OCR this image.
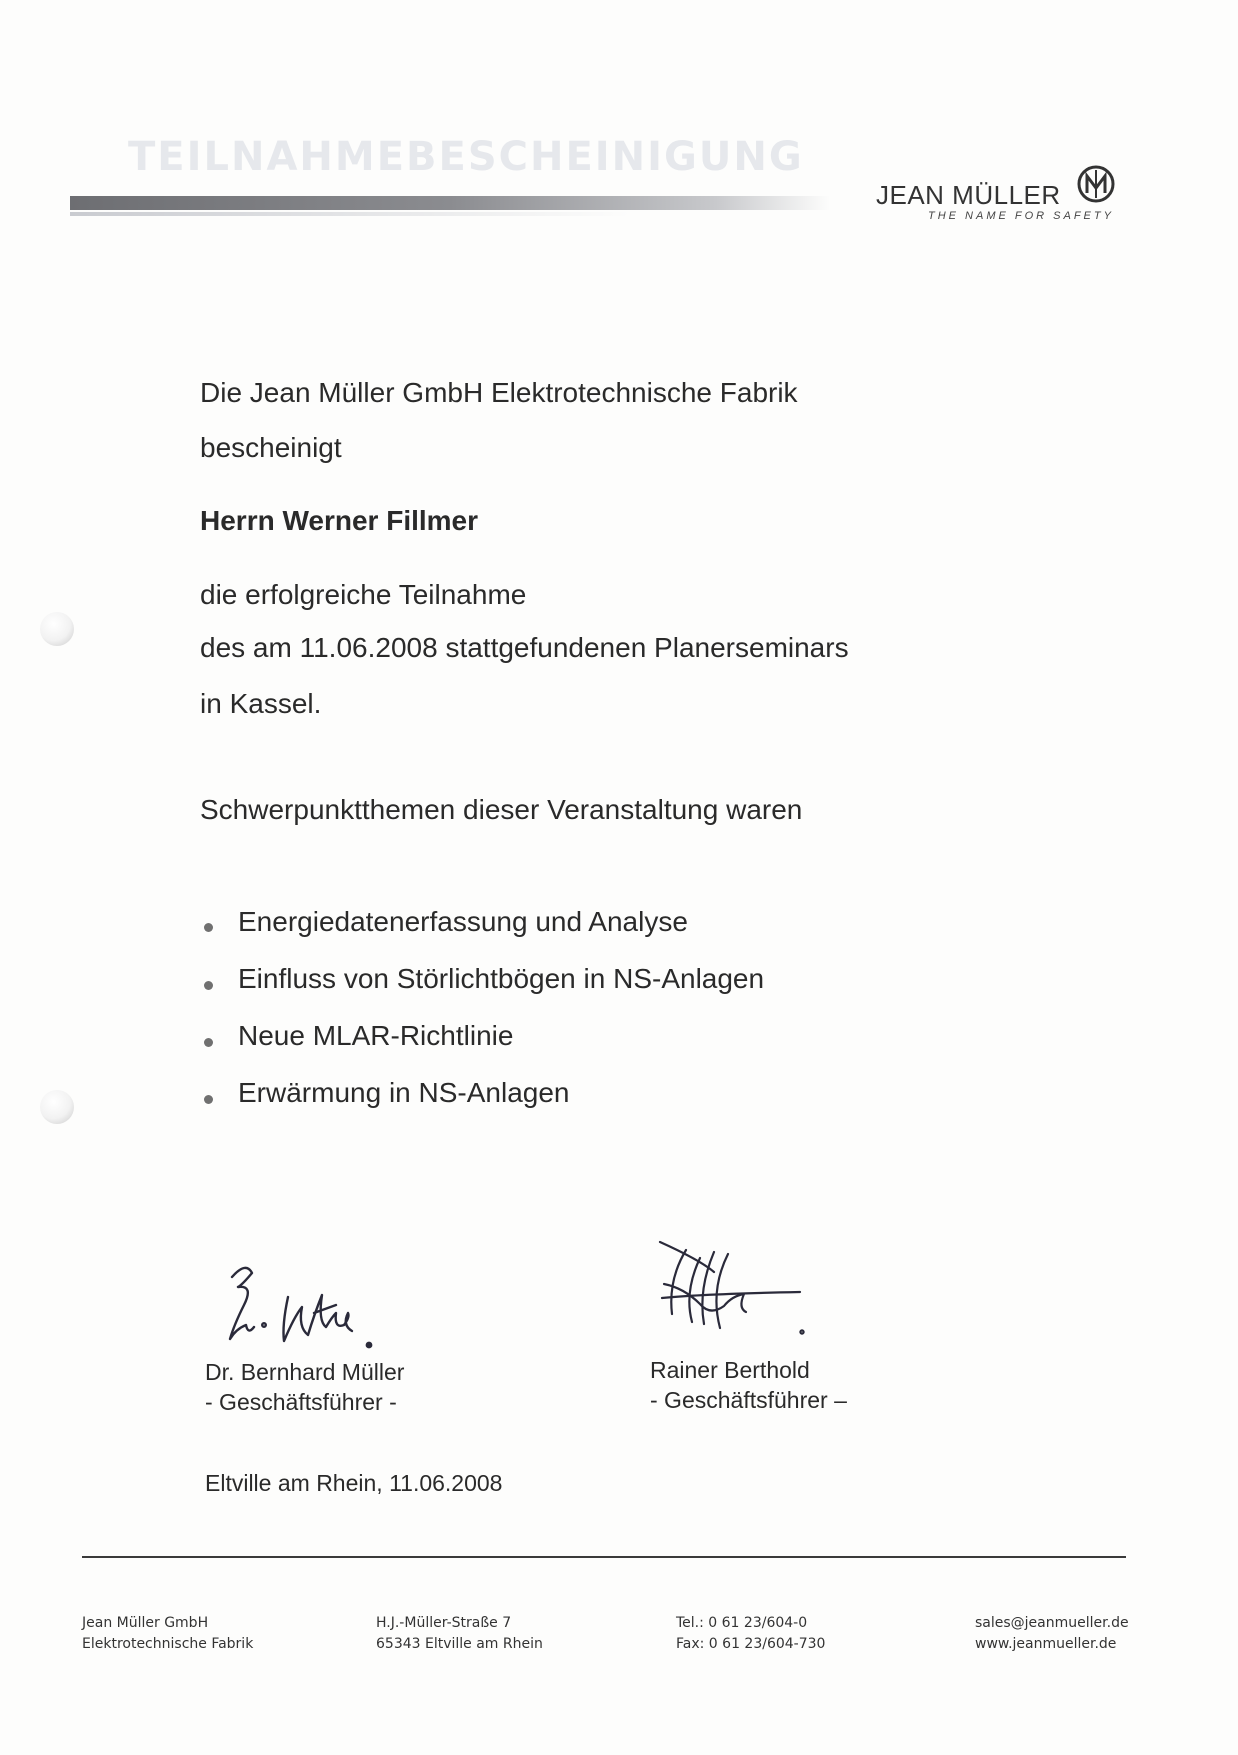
TEILNAHMEBESCHEINIGUNG
JEAN MÜLLER
THE NAME FOR SAFETY
Die Jean Müller GmbH Elektrotechnische Fabrik
bescheinigt
Herrn Werner Fillmer
die erfolgreiche Teilnahme
des am 11.06.2008 stattgefundenen Planerseminars
in Kassel.
Schwerpunktthemen dieser Veranstaltung waren
Energiedatenerfassung und Analyse
Einfluss von Störlichtbögen in NS-Anlagen
Neue MLAR-Richtlinie
Erwärmung in NS-Anlagen
Dr. Bernhard Müller
- Geschäftsführer -
Rainer Berthold
- Geschäftsführer –
Eltville am Rhein, 11.06.2008
Jean Müller GmbH
Elektrotechnische Fabrik
H.J.-Müller-Straße 7
65343 Eltville am Rhein
Tel.: 0 61 23/604-0
Fax: 0 61 23/604-730
sales@jeanmueller.de
www.jeanmueller.de
